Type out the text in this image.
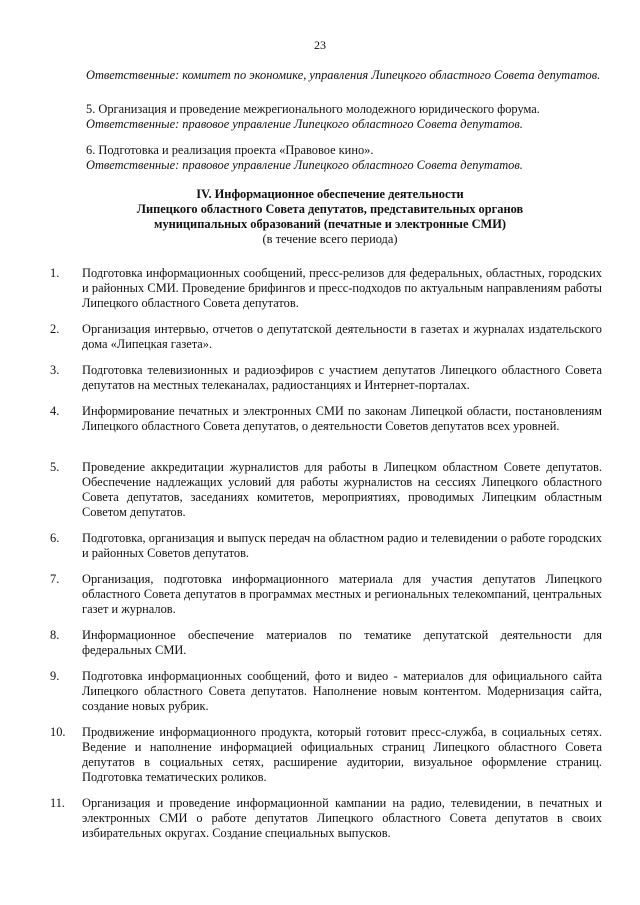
23
Ответственные: комитет по экономике, управления Липецкого областного Совета депутатов.
5. Организация и проведение межрегионального молодежного юридического форума.
Ответственные: правовое управление Липецкого областного Совета депутатов.
6. Подготовка и реализация проекта «Правовое кино».
Ответственные: правовое управление Липецкого областного Совета депутатов.
IV. Информационное обеспечение деятельности
Липецкого областного Совета депутатов, представительных органов
муниципальных образований (печатные и электронные СМИ)
(в течение всего периода)
1.	Подготовка информационных сообщений, пресс-релизов для федеральных, областных, городских и районных СМИ. Проведение брифингов и пресс-подходов по актуальным направлениям работы Липецкого областного Совета депутатов.
2.	Организация интервью, отчетов о депутатской деятельности в газетах и журналах издательского дома «Липецкая газета».
3.	Подготовка телевизионных и радиоэфиров с участием депутатов Липецкого областного Совета депутатов на местных телеканалах, радиостанциях и Интернет-порталах.
4.	Информирование печатных и электронных СМИ по законам Липецкой области, постановлениям Липецкого областного Совета депутатов, о деятельности Советов депутатов всех уровней.
5.	Проведение аккредитации журналистов для работы в Липецком областном Совете депутатов. Обеспечение надлежащих условий для работы журналистов на сессиях Липецкого областного Совета депутатов, заседаниях комитетов, мероприятиях, проводимых Липецким областным Советом депутатов.
6.	Подготовка, организация и выпуск передач на областном радио и телевидении о работе городских и районных Советов депутатов.
7.	Организация, подготовка информационного материала для участия депутатов Липецкого областного Совета депутатов в программах местных и региональных телекомпаний, центральных газет и журналов.
8.	Информационное обеспечение материалов по тематике депутатской деятельности для федеральных СМИ.
9.	Подготовка информационных сообщений, фото и видео - материалов для официального сайта Липецкого областного Совета депутатов. Наполнение новым контентом. Модернизация сайта, создание новых рубрик.
10.	Продвижение информационного продукта, который готовит пресс-служба, в социальных сетях. Ведение и наполнение информацией официальных страниц Липецкого областного Совета депутатов в социальных сетях, расширение аудитории, визуальное оформление страниц. Подготовка тематических роликов.
11.	Организация и проведение информационной кампании на радио, телевидении, в печатных и электронных СМИ о работе депутатов Липецкого областного Совета депутатов в своих избирательных округах. Создание специальных выпусков.
